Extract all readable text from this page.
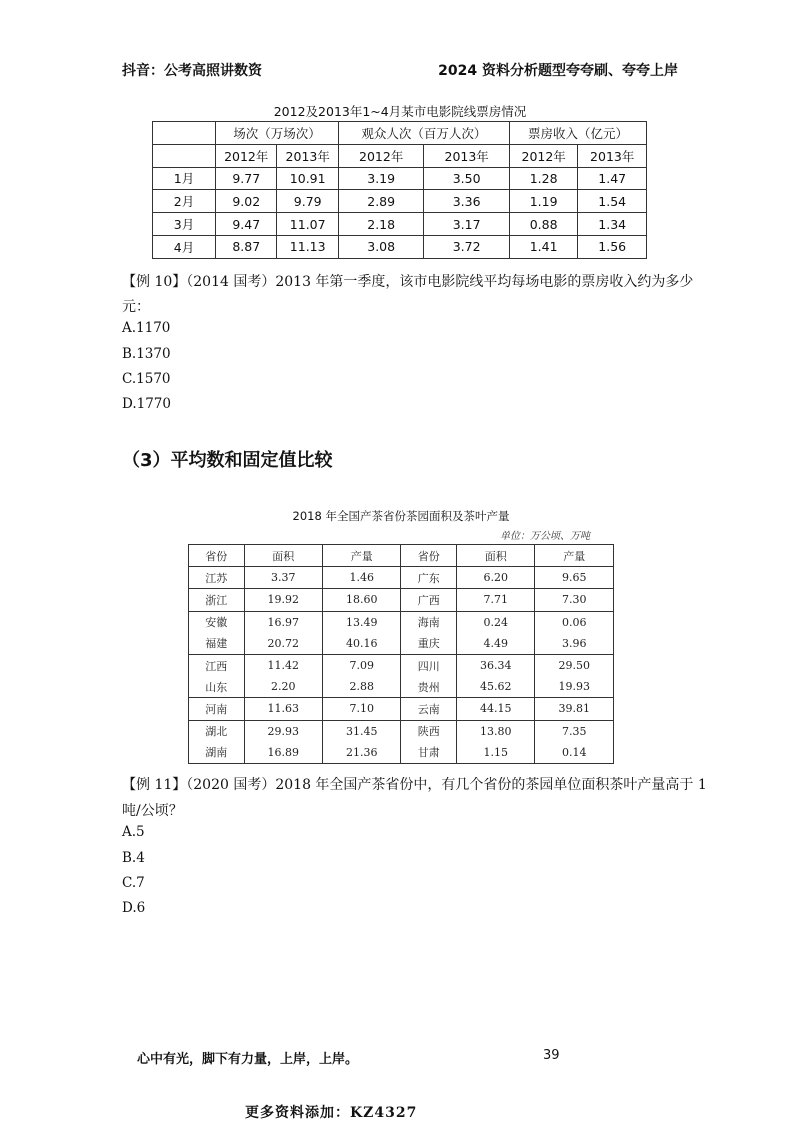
抖音：公考高照讲数资	2024 资料分析题型夸夸刷、夸夸上岸
2012及2013年1~4月某市电影院线票房情况
	场次（万场次）		观众人次（百万人次）		票房收入（亿元）	
	2012年	2013年	2012年	2013年	2012年	2013年
1月	9.77	10.91	3.19	3.50	1.28	1.47
2月	9.02	9.79	2.89	3.36	1.19	1.54
3月	9.47	11.07	2.18	3.17	0.88	1.34
4月	8.87	11.13	3.08	3.72	1.41	1.56
【例 10】（2014 国考）2013 年第一季度，该市电影院线平均每场电影的票房收入约为多少
元：
A.1170
B.1370
C.1570
D.1770
（3）平均数和固定值比较
2018 年全国产茶省份茶园面积及茶叶产量
单位：万公顷、万吨
省份	面积	产量	省份	面积	产量
江苏	3.37	1.46	广东	6.20	9.65
浙江	19.92	18.60	广西	7.71	7.30
安徽	16.97	13.49	海南	0.24	0.06
福建	20.72	40.16	重庆	4.49	3.96
江西	11.42	7.09	四川	36.34	29.50
山东	2.20	2.88	贵州	45.62	19.93
河南	11.63	7.10	云南	44.15	39.81
湖北	29.93	31.45	陕西	13.80	7.35
湖南	16.89	21.36	甘肃	1.15	0.14
【例 11】（2020 国考）2018 年全国产茶省份中，有几个省份的茶园单位面积茶叶产量高于 1
吨/公顷？
A.5
B.4
C.7
D.6
心中有光，脚下有力量，上岸，上岸。	39
更多资料添加：KZ4327
